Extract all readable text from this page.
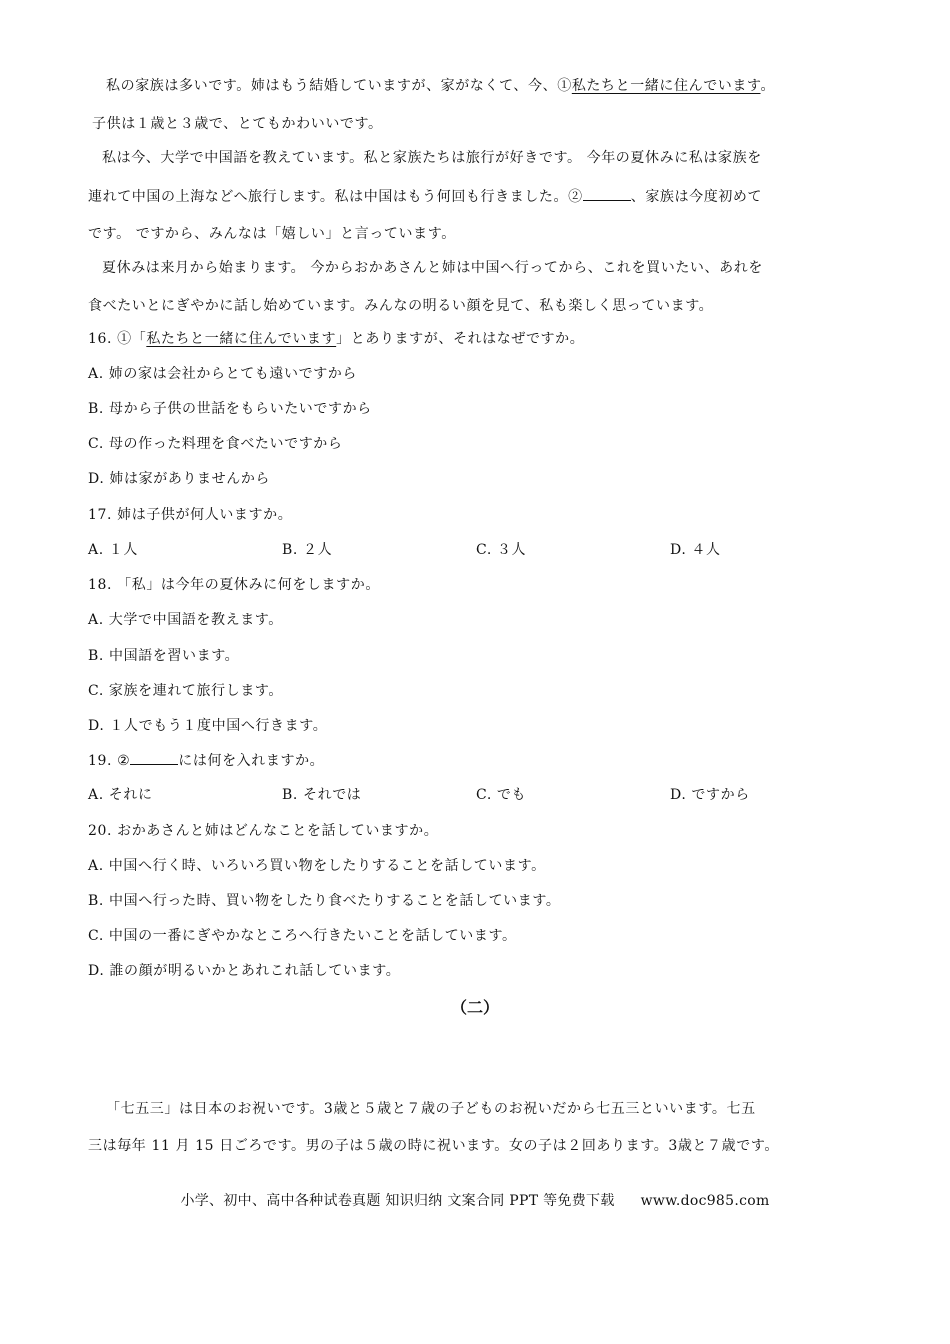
私の家族は多いです。姉はもう結婚していますが、家がなくて、今、①私たちと一緒に住んでいます。
子供は１歳と３歳で、とてもかわいいです。
私は今、大学で中国語を教えています。私と家族たちは旅行が好きです。 今年の夏休みに私は家族を
連れて中国の上海などへ旅行します。私は中国はもう何回も行きました。②	、家族は今度初めて
です。 ですから、みんなは「嬉しい」と言っています。
夏休みは来月から始まります。 今からおかあさんと姉は中国へ行ってから、これを買いたい、あれを
食べたいとにぎやかに話し始めています。みんなの明るい顔を見て、私も楽しく思っています。
16. ①「私たちと一緒に住んでいます」とありますが、それはなぜですか。
A. 姉の家は会社からとても遠いですから
B. 母から子供の世話をもらいたいですから
C. 母の作った料理を食べたいですから
D. 姉は家がありませんから
17. 姉は子供が何人いますか。
A. １人	B. ２人	C. ３人	D. ４人
18. 「私」は今年の夏休みに何をしますか。
A. 大学で中国語を教えます。
B. 中国語を習います。
C. 家族を連れて旅行します。
D. １人でもう１度中国へ行きます。
19. ②	には何を入れますか。
A. それに	B. それでは	C. でも	D. ですから
20. おかあさんと姉はどんなことを話していますか。
A. 中国へ行く時、いろいろ買い物をしたりすることを話しています。
B. 中国へ行った時、買い物をしたり食べたりすることを話しています。
C. 中国の一番にぎやかなところへ行きたいことを話しています。
D. 誰の顔が明るいかとあれこれ話しています。
（二）
「七五三」は日本のお祝いです。3歳と５歳と７歳の子どものお祝いだから七五三といいます。七五
三は毎年 11 月 15 日ごろです。男の子は５歳の時に祝います。女の子は２回あります。3歳と７歳です。
小学、初中、高中各种试卷真题 知识归纳 文案合同 PPT 等免费下载 www.doc985.com
